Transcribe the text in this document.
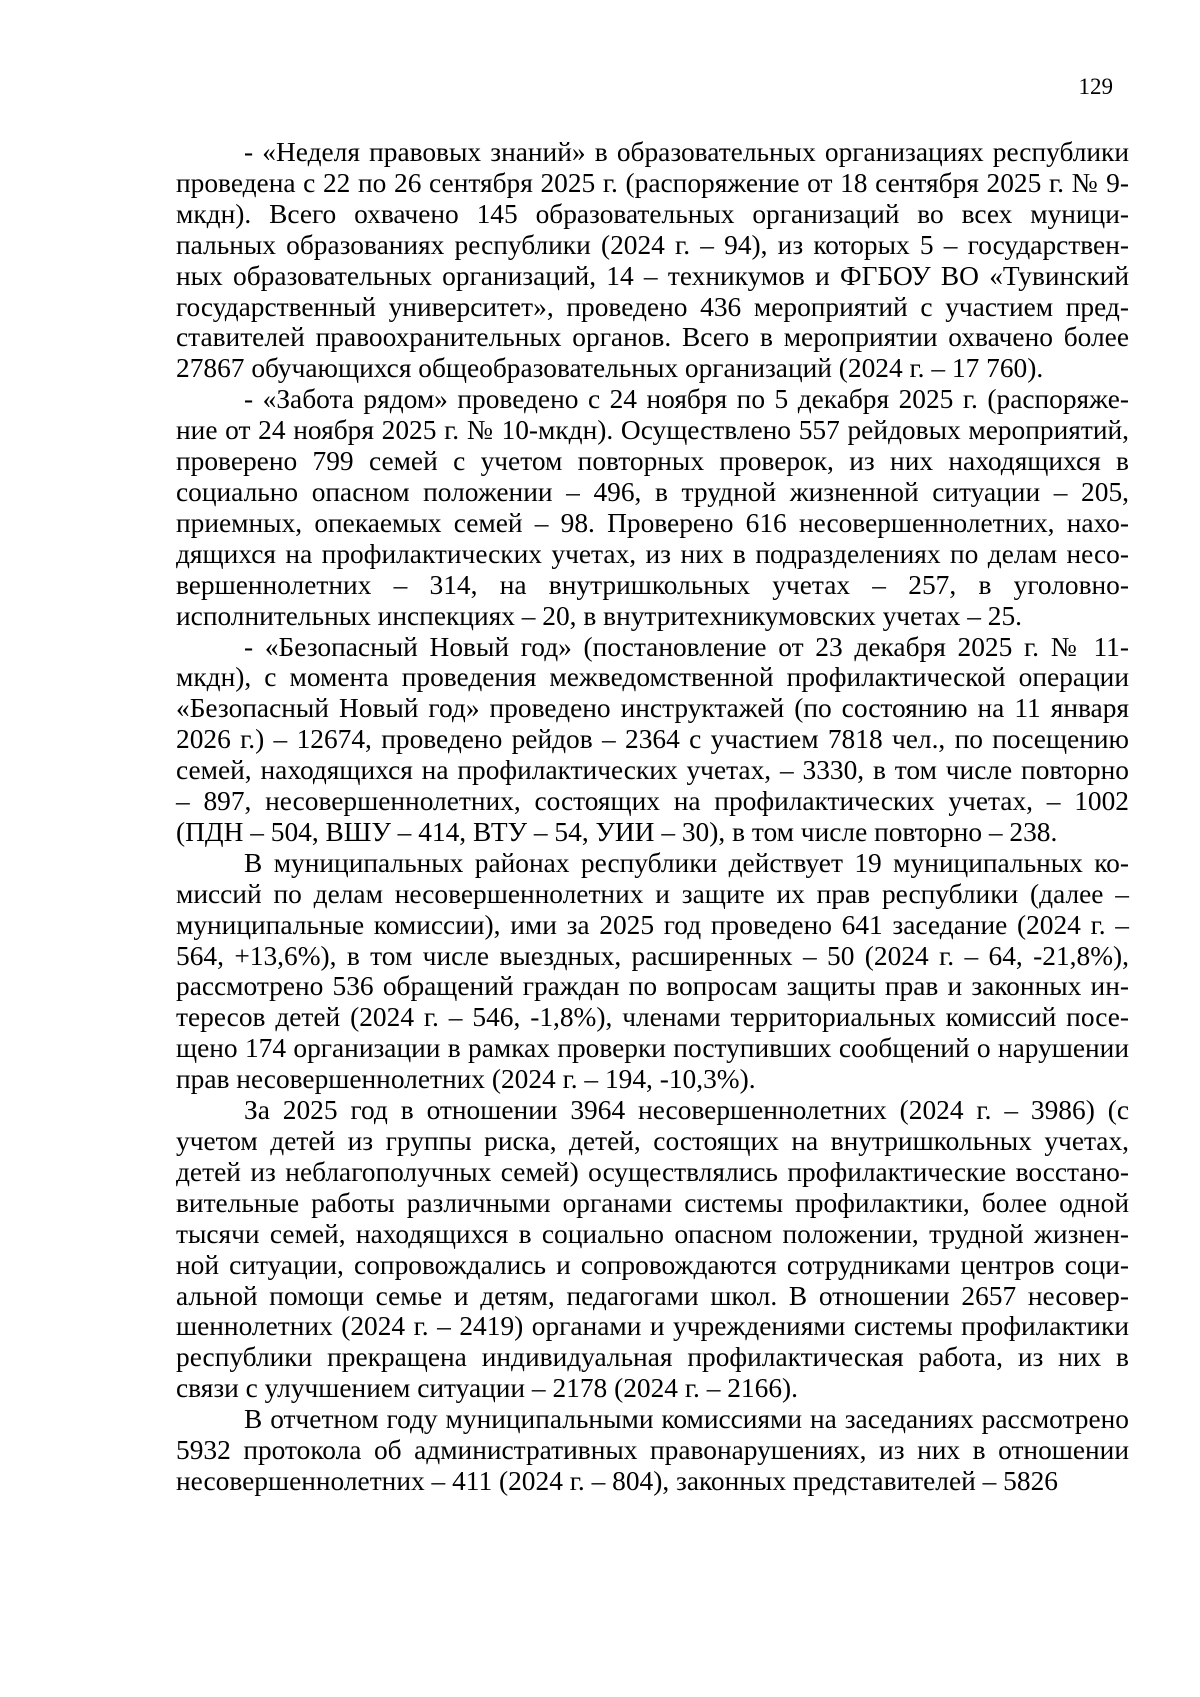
129

- «Неделя правовых знаний» в образовательных организациях республики проведена с 22 по 26 сентября 2025 г. (распоряжение от 18 сентября 2025 г. № 9-мкдн). Всего охвачено 145 образовательных организаций во всех муниципальных образованиях республики (2024 г. – 94), из которых 5 – государственных образовательных организаций, 14 – техникумов и ФГБОУ ВО «Тувинский государственный университет», проведено 436 мероприятий с участием представителей правоохранительных органов. Всего в мероприятии охвачено более 27867 обучающихся общеобразовательных организаций (2024 г. – 17 760).

- «Забота рядом» проведено с 24 ноября по 5 декабря 2025 г. (распоряжение от 24 ноября 2025 г. № 10-мкдн). Осуществлено 557 рейдовых мероприятий, проверено 799 семей с учетом повторных проверок, из них находящихся в социально опасном положении – 496, в трудной жизненной ситуации – 205, приемных, опекаемых семей – 98. Проверено 616 несовершеннолетних, находящихся на профилактических учетах, из них в подразделениях по делам несовершеннолетних – 314, на внутришкольных учетах – 257, в уголовно-исполнительных инспекциях – 20, в внутритехникумовских учетах – 25.

- «Безопасный Новый год» (постановление от 23 декабря 2025 г. № 11-мкдн), с момента проведения межведомственной профилактической операции «Безопасный Новый год» проведено инструктажей (по состоянию на 11 января 2026 г.) – 12674, проведено рейдов – 2364 с участием 7818 чел., по посещению семей, находящихся на профилактических учетах, – 3330, в том числе повторно – 897, несовершеннолетних, состоящих на профилактических учетах, – 1002 (ПДН – 504, ВШУ – 414, ВТУ – 54, УИИ – 30), в том числе повторно – 238.

В муниципальных районах республики действует 19 муниципальных комиссий по делам несовершеннолетних и защите их прав республики (далее – муниципальные комиссии), ими за 2025 год проведено 641 заседание (2024 г. – 564, +13,6%), в том числе выездных, расширенных – 50 (2024 г. – 64, -21,8%), рассмотрено 536 обращений граждан по вопросам защиты прав и законных интересов детей (2024 г. – 546, -1,8%), членами территориальных комиссий посещено 174 организации в рамках проверки поступивших сообщений о нарушении прав несовершеннолетних (2024 г. – 194, -10,3%).

За 2025 год в отношении 3964 несовершеннолетних (2024 г. – 3986) (с учетом детей из группы риска, детей, состоящих на внутришкольных учетах, детей из неблагополучных семей) осуществлялись профилактические восстановительные работы различными органами системы профилактики, более одной тысячи семей, находящихся в социально опасном положении, трудной жизненной ситуации, сопровождались и сопровождаются сотрудниками центров социальной помощи семье и детям, педагогами школ. В отношении 2657 несовершеннолетних (2024 г. – 2419) органами и учреждениями системы профилактики республики прекращена индивидуальная профилактическая работа, из них в связи с улучшением ситуации – 2178 (2024 г. – 2166).

В отчетном году муниципальными комиссиями на заседаниях рассмотрено 5932 протокола об административных правонарушениях, из них в отношении несовершеннолетних – 411 (2024 г. – 804), законных представителей – 5826
